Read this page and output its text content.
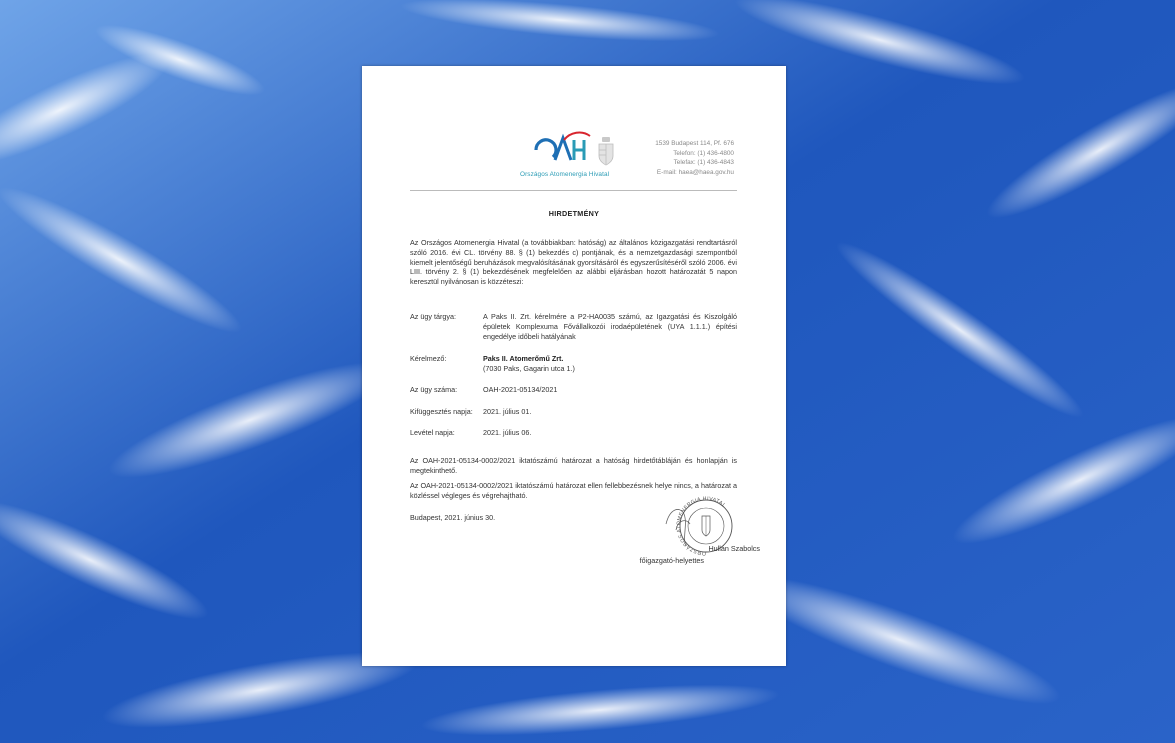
Országos Atomenergia Hivatal
1539 Budapest 114, Pf. 676
Telefon: (1) 436-4800
Telefax: (1) 436-4843
E-mail: haea@haea.gov.hu
HIRDETMÉNY
Az Országos Atomenergia Hivatal (a továbbiakban: hatóság) az általános közigazgatási rendtartásról szóló 2016. évi CL. törvény 88. § (1) bekezdés c) pontjának, és a nemzetgazdasági szempontból kiemelt jelentőségű beruházások megvalósításának gyorsításáról és egyszerűsítéséről szóló 2006. évi LIII. törvény 2. § (1) bekezdésének megfelelően az alábbi eljárásban hozott határozatát 5 napon keresztül nyilvánosan is közzéteszi:
Az ügy tárgya:	A Paks II. Zrt. kérelmére a P2-HA0035 számú, az Igazgatási és Kiszolgáló épületek Komplexuma Fővállalkozói irodaépületének (UYA 1.1.1.) építési engedélye időbeli hatályának
Kérelmező:	Paks II. Atomerőmű Zrt.
(7030 Paks, Gagarin utca 1.)
Az ügy száma:	OAH-2021-05134/2021
Kifüggesztés napja: 2021. július 01.
Levétel napja:	2021. július 06.
Az OAH-2021-05134-0002/2021 iktatószámú határozat a hatóság hirdetőtábláján és honlapján is megtekinthető.
Az OAH-2021-05134-0002/2021 iktatószámú határozat ellen fellebbezésnek helye nincs, a határozat a közléssel végleges és végrehajtható.
Budapest, 2021. június 30.
ORSZÁGOS ATOMENERGIA HIVATAL
Hullán Szabolcs
főigazgató-helyettes
